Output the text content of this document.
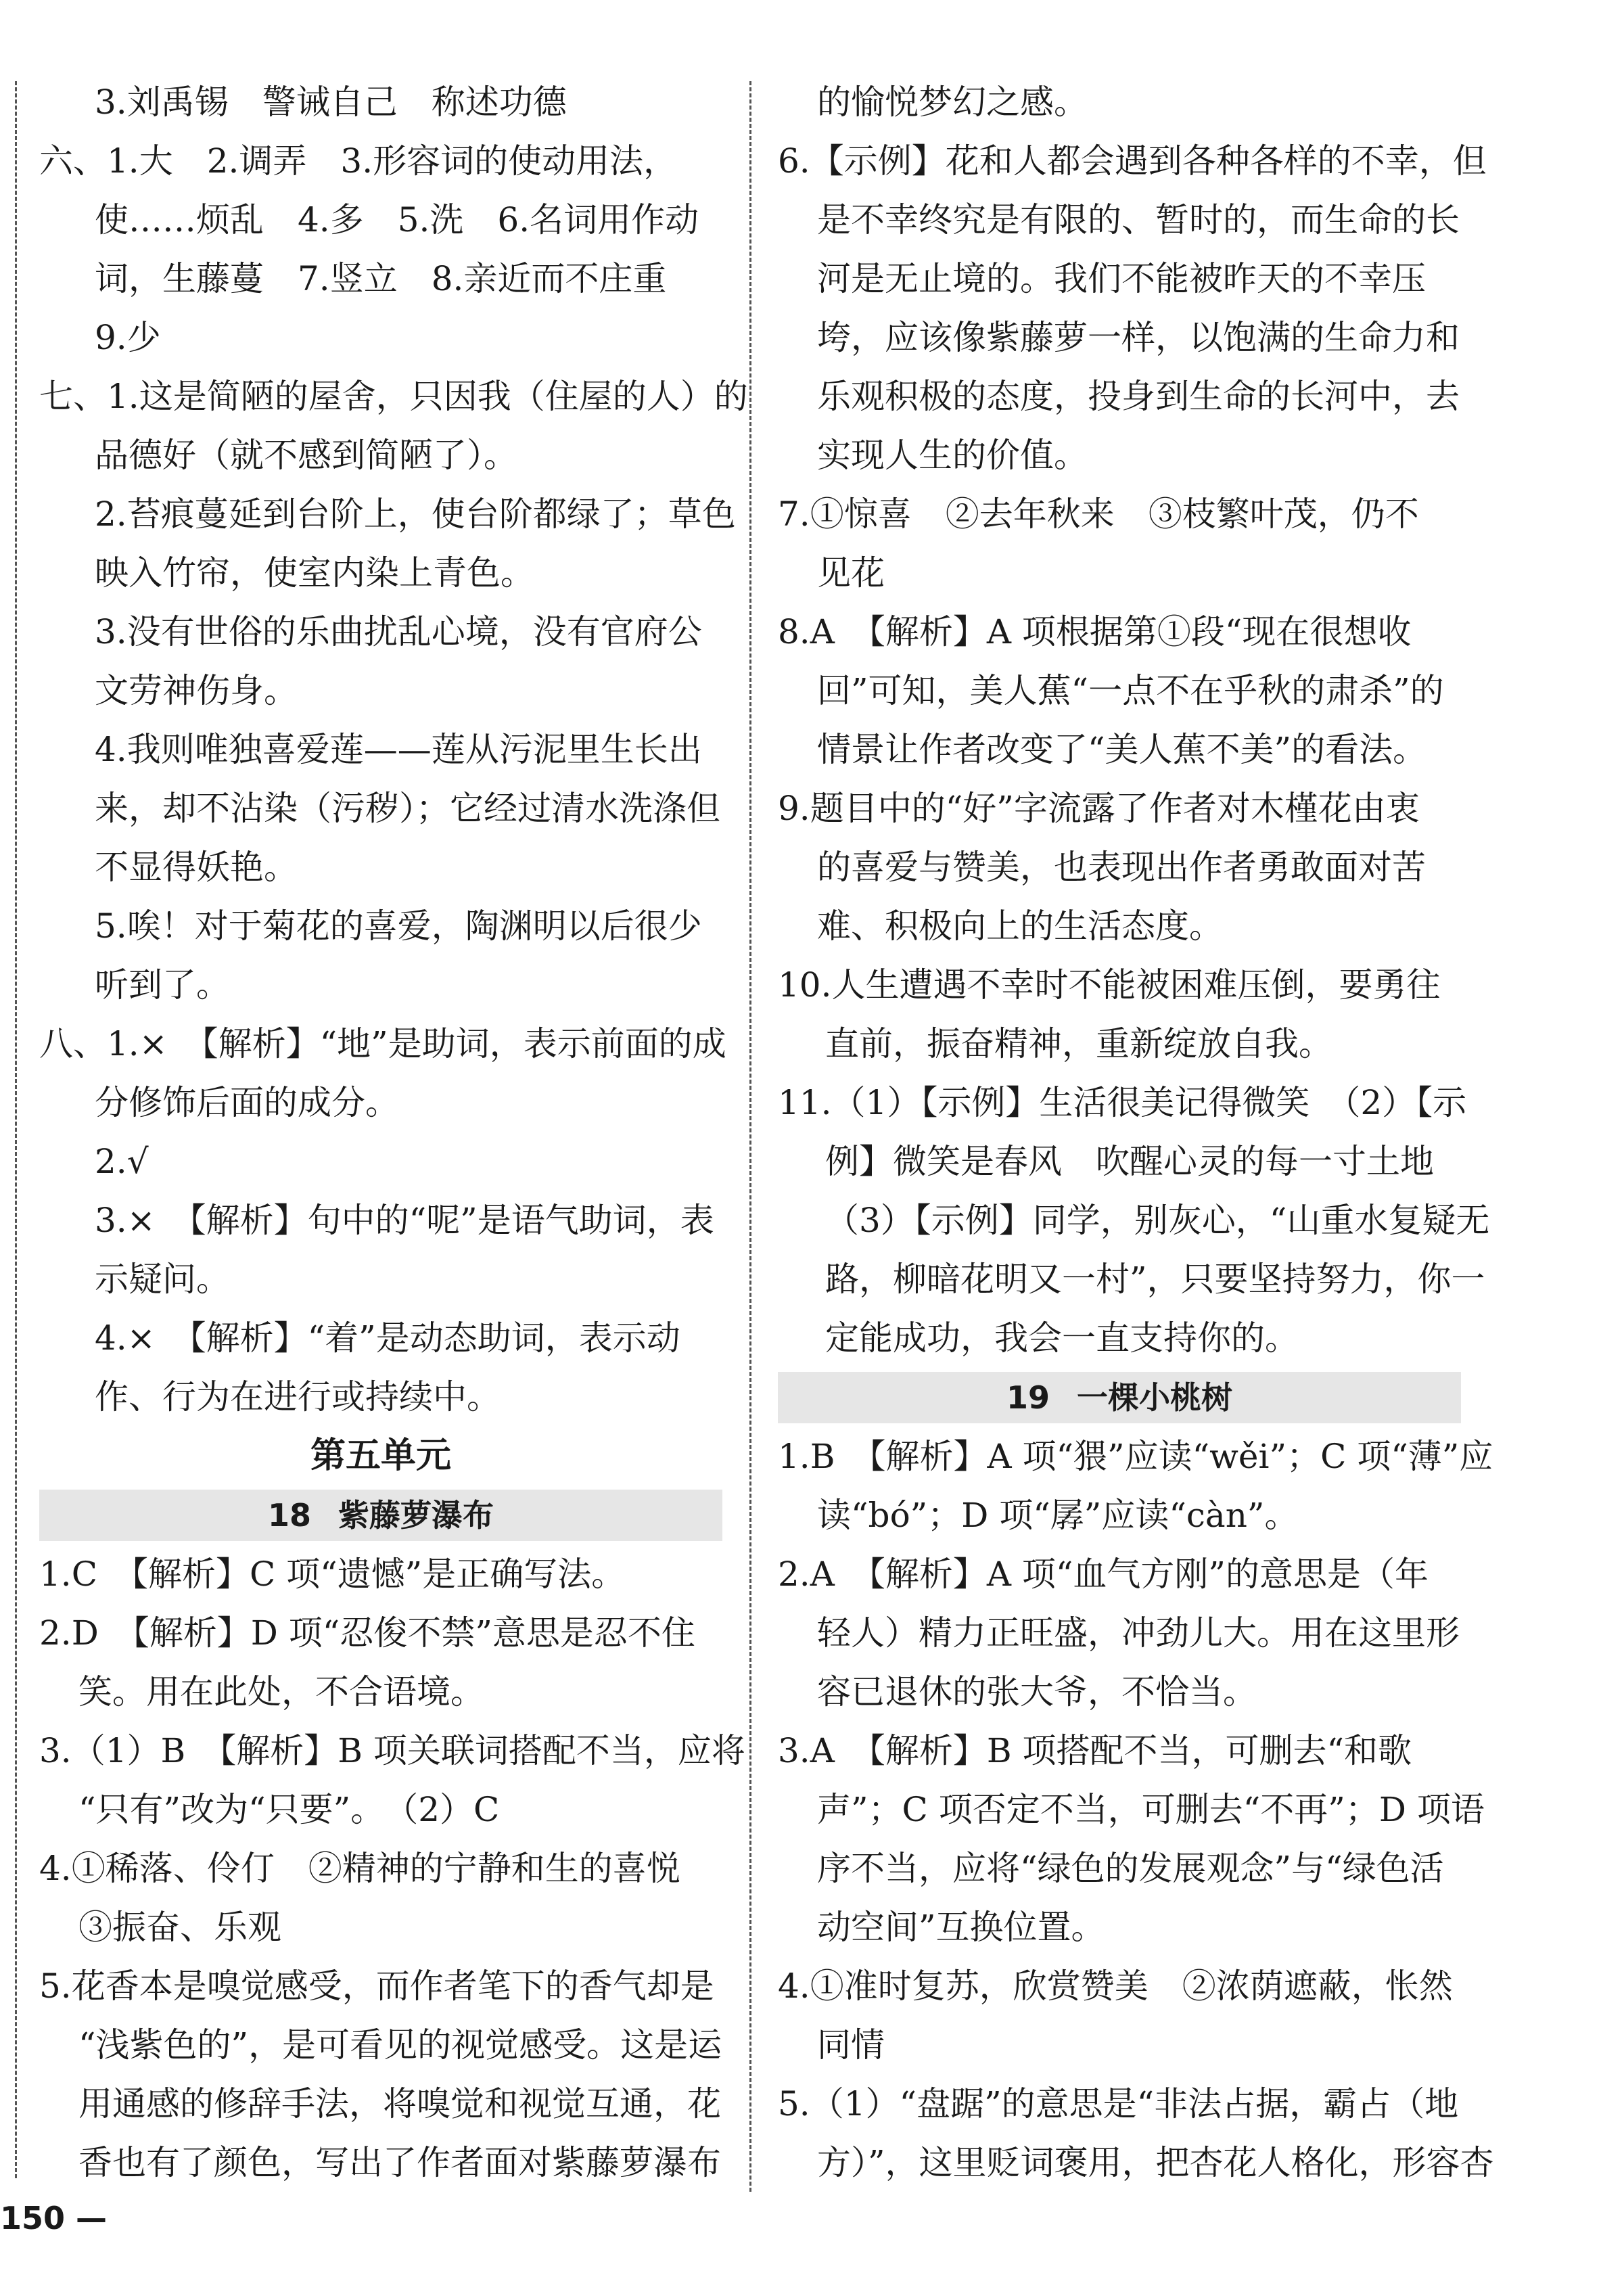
3.刘禹锡　警诫自己　称述功德
六、1.大　2.调弄　3.形容词的使动用法，
使……烦乱　4.多　5.洗　6.名词用作动
词，生藤蔓　7.竖立　8.亲近而不庄重
9.少
七、1.这是简陋的屋舍，只因我（住屋的人）的
品德好（就不感到简陋了）。
2.苔痕蔓延到台阶上，使台阶都绿了；草色
映入竹帘，使室内染上青色。
3.没有世俗的乐曲扰乱心境，没有官府公
文劳神伤身。
4.我则唯独喜爱莲——莲从污泥里生长出
来，却不沾染（污秽）；它经过清水洗涤但
不显得妖艳。
5.唉！对于菊花的喜爱，陶渊明以后很少
听到了。
八、1.×　【解析】“地”是助词，表示前面的成
分修饰后面的成分。
2.√
3.×　【解析】句中的“呢”是语气助词，表
示疑问。
4.×　【解析】“着”是动态助词，表示动
作、行为在进行或持续中。
第五单元
18 紫藤萝瀑布
1.C　【解析】C 项“遗憾”是正确写法。
2.D　【解析】D 项“忍俊不禁”意思是忍不住
笑。用在此处，不合语境。
3.（1）B　【解析】B 项关联词搭配不当，应将
“只有”改为“只要”。　（2）C
4.①稀落、伶仃　②精神的宁静和生的喜悦
③振奋、乐观
5.花香本是嗅觉感受，而作者笔下的香气却是
“浅紫色的”，是可看见的视觉感受。这是运
用通感的修辞手法，将嗅觉和视觉互通，花
香也有了颜色，写出了作者面对紫藤萝瀑布
的愉悦梦幻之感。
6.【示例】花和人都会遇到各种各样的不幸，但
是不幸终究是有限的、暂时的，而生命的长
河是无止境的。我们不能被昨天的不幸压
垮，应该像紫藤萝一样，以饱满的生命力和
乐观积极的态度，投身到生命的长河中，去
实现人生的价值。
7.①惊喜　②去年秋来　③枝繁叶茂，仍不
见花
8.A　【解析】A 项根据第①段“现在很想收
回”可知，美人蕉“一点不在乎秋的肃杀”的
情景让作者改变了“美人蕉不美”的看法。
9.题目中的“好”字流露了作者对木槿花由衷
的喜爱与赞美，也表现出作者勇敢面对苦
难、积极向上的生活态度。
10.人生遭遇不幸时不能被困难压倒，要勇往
直前，振奋精神，重新绽放自我。
11.（1）【示例】生活很美记得微笑　（2）【示
例】微笑是春风　吹醒心灵的每一寸土地
（3）【示例】同学，别灰心，“山重水复疑无
路，柳暗花明又一村”，只要坚持努力，你一
定能成功，我会一直支持你的。
19 一棵小桃树
1.B　【解析】A 项“猥”应读“wěi”；C 项“薄”应
读“bó”；D 项“孱”应读“càn”。
2.A　【解析】A 项“血气方刚”的意思是（年
轻人）精力正旺盛，冲劲儿大。用在这里形
容已退休的张大爷，不恰当。
3.A　【解析】B 项搭配不当，可删去“和歌
声”；C 项否定不当，可删去“不再”；D 项语
序不当，应将“绿色的发展观念”与“绿色活
动空间”互换位置。
4.①准时复苏，欣赏赞美　②浓荫遮蔽，怅然
同情
5.（1）“盘踞”的意思是“非法占据，霸占（地
方）”，这里贬词褒用，把杏花人格化，形容杏
150 —
